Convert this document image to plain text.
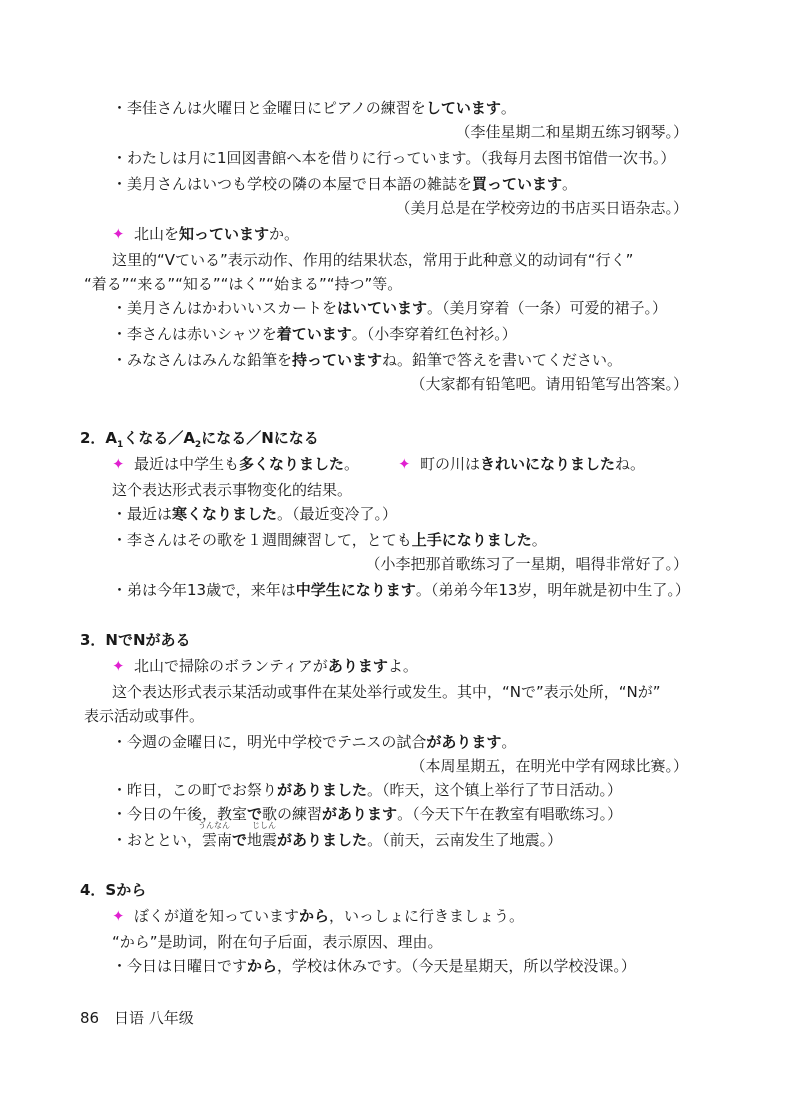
・李佳さんは火曜日と金曜日にピアノの練習をしています。
（李佳星期二和星期五练习钢琴。）
・わたしは月に1回図書館へ本を借りに行っています。（我每月去图书馆借一次书。）
・美月さんはいつも学校の隣の本屋で日本語の雑誌を買っています。
（美月总是在学校旁边的书店买日语杂志。）
✦ 北山を知っていますか。
这里的“Vている”表示动作、作用的结果状态，常用于此种意义的动词有“行く”
“着る”“来る”“知る”“はく”“始まる”“持つ”等。
・美月さんはかわいいスカートをはいています。（美月穿着（一条）可爱的裙子。）
・李さんは赤いシャツを着ています。（小李穿着红色衬衫。）
・みなさんはみんな鉛筆を持っていますね。鉛筆で答えを書いてください。
（大家都有铅笔吧。请用铅笔写出答案。）
2．$A_1$くなる$/A_2$になる／Nになる
✦ 最近は中学生も多くなりました。	✦ 町の川はきれいになりましたね。
这个表达形式表示事物变化的结果。
・最近は寒くなりました。（最近变冷了。）
・李さんはその歌を１週間練習して，とても上手になりました。
（小李把那首歌练习了一星期，唱得非常好了。）
・弟は今年13歳で，来年は中学生になります。（弟弟今年13岁，明年就是初中生了。）
3．NでNがある
✦ 北山で掃除のボランティアがありますよ。
这个表达形式表示某活动或事件在某处举行或发生。其中，“Nで”表示处所，“Nが”
表示活动或事件。
・今週の金曜日に，明光中学校でテニスの試合があります。
（本周星期五，在明光中学有网球比赛。）
・昨日，この町でお祭りがありました。（昨天，这个镇上举行了节日活动。）
・今日の午後，教室で歌の練習があります。（今天下午在教室有唱歌练习。）
うんなん	じしん
・おととい，雲南で地震がありました。（前天，云南发生了地震。）
4．Sから
✦ ぼくが道を知っていますから，いっしょに行きましょう。
“から”是助词，附在句子后面，表示原因、理由。
・今日は日曜日ですから，学校は休みです。（今天是星期天，所以学校没课。）
86 日语 八年级
